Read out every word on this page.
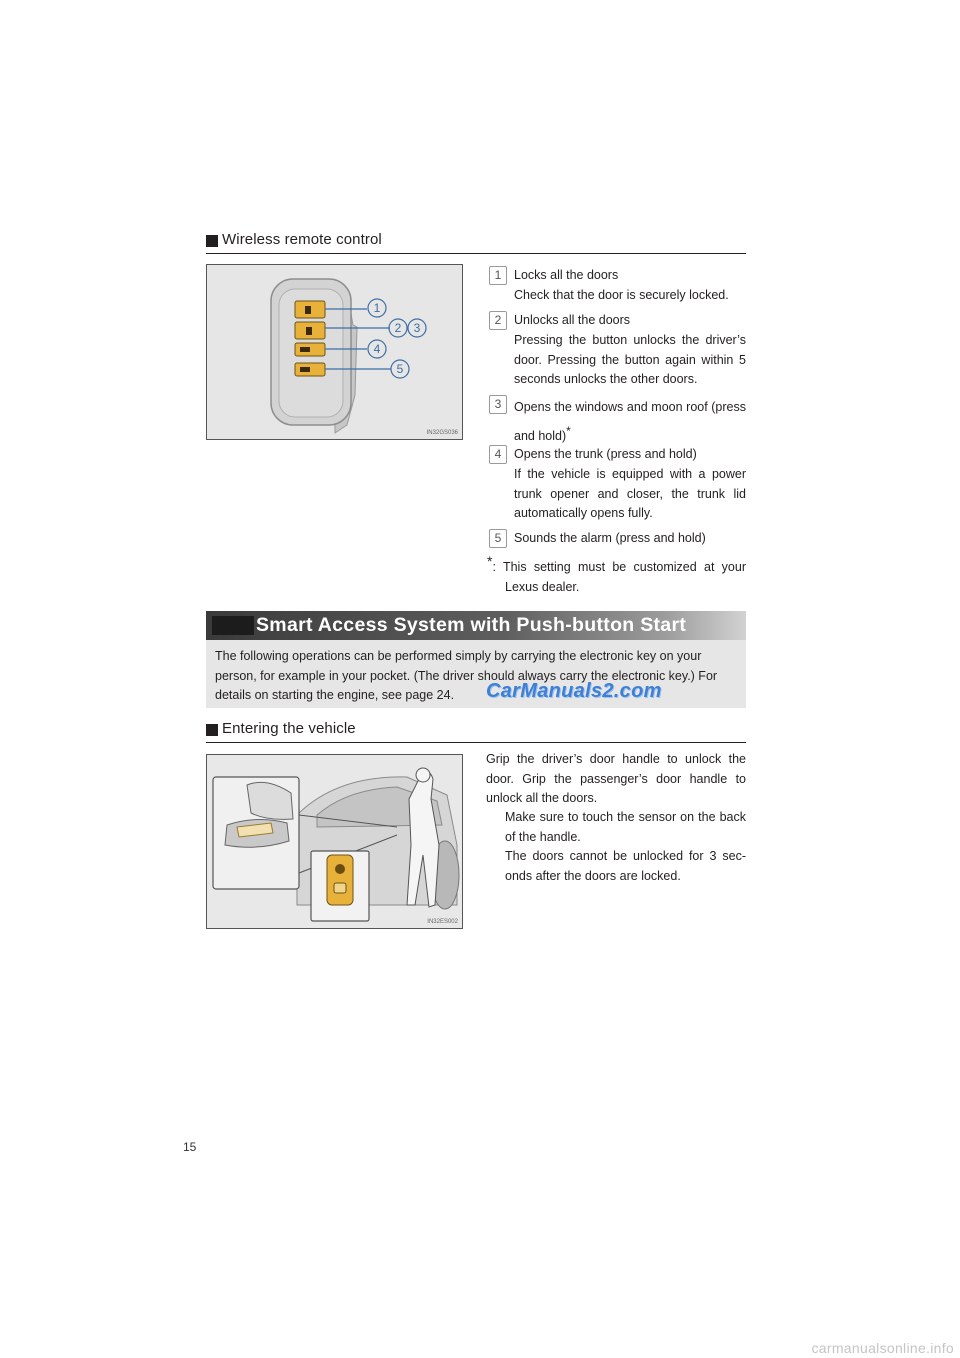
Wireless remote control
1
2 3
4
5
IN32GS036
1	Locks all the doors
Check that the door is securely locked.
2	Unlocks all the doors
Pressing the button unlocks the driver’s door. Pressing the button again within 5 seconds unlocks the other doors.
3	Opens the windows and moon roof (press and hold)*
4	Opens the trunk (press and hold)
If the vehicle is equipped with a power trunk opener and closer, the trunk lid automatically opens fully.
5	Sounds the alarm (press and hold)
*: This setting must be customized at your Lexus dealer.
Smart Access System with Push-button Start
The following operations can be performed simply by carrying the electronic key on your person, for example in your pocket. (The driver should always carry the electronic key.) For details on starting the engine, see page 24.	CarManuals2.com
Entering the vehicle
IN32ES002
Grip the driver’s door handle to unlock the door. Grip the passenger’s door handle to unlock all the doors.
Make sure to touch the sensor on the back of the handle.
The doors cannot be unlocked for 3 sec- onds after the doors are locked.
15
carmanualsonline.info
